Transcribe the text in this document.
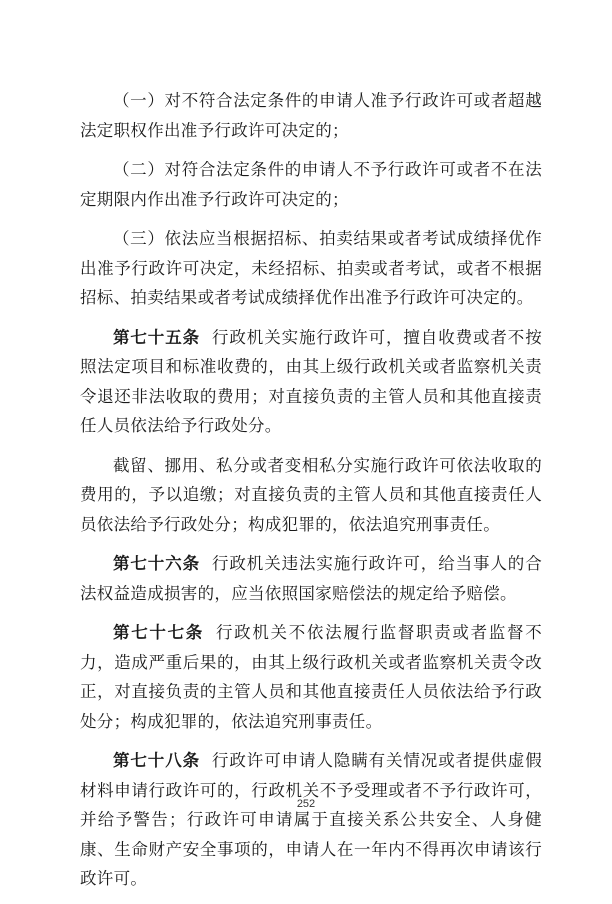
（一）对不符合法定条件的申请人准予行政许可或者超越法定职权作出准予行政许可决定的；

（二）对符合法定条件的申请人不予行政许可或者不在法定期限内作出准予行政许可决定的；

（三）依法应当根据招标、拍卖结果或者考试成绩择优作出准予行政许可决定，未经招标、拍卖或者考试，或者不根据招标、拍卖结果或者考试成绩择优作出准予行政许可决定的。

第七十五条 行政机关实施行政许可，擅自收费或者不按照法定项目和标准收费的，由其上级行政机关或者监察机关责令退还非法收取的费用；对直接负责的主管人员和其他直接责任人员依法给予行政处分。

截留、挪用、私分或者变相私分实施行政许可依法收取的费用的，予以追缴；对直接负责的主管人员和其他直接责任人员依法给予行政处分；构成犯罪的，依法追究刑事责任。

第七十六条 行政机关违法实施行政许可，给当事人的合法权益造成损害的，应当依照国家赔偿法的规定给予赔偿。

第七十七条 行政机关不依法履行监督职责或者监督不力，造成严重后果的，由其上级行政机关或者监察机关责令改正，对直接负责的主管人员和其他直接责任人员依法给予行政处分；构成犯罪的，依法追究刑事责任。

第七十八条 行政许可申请人隐瞒有关情况或者提供虚假材料申请行政许可的，行政机关不予受理或者不予行政许可，并给予警告；行政许可申请属于直接关系公共安全、人身健康、生命财产安全事项的，申请人在一年内不得再次申请该行政许可。

252
